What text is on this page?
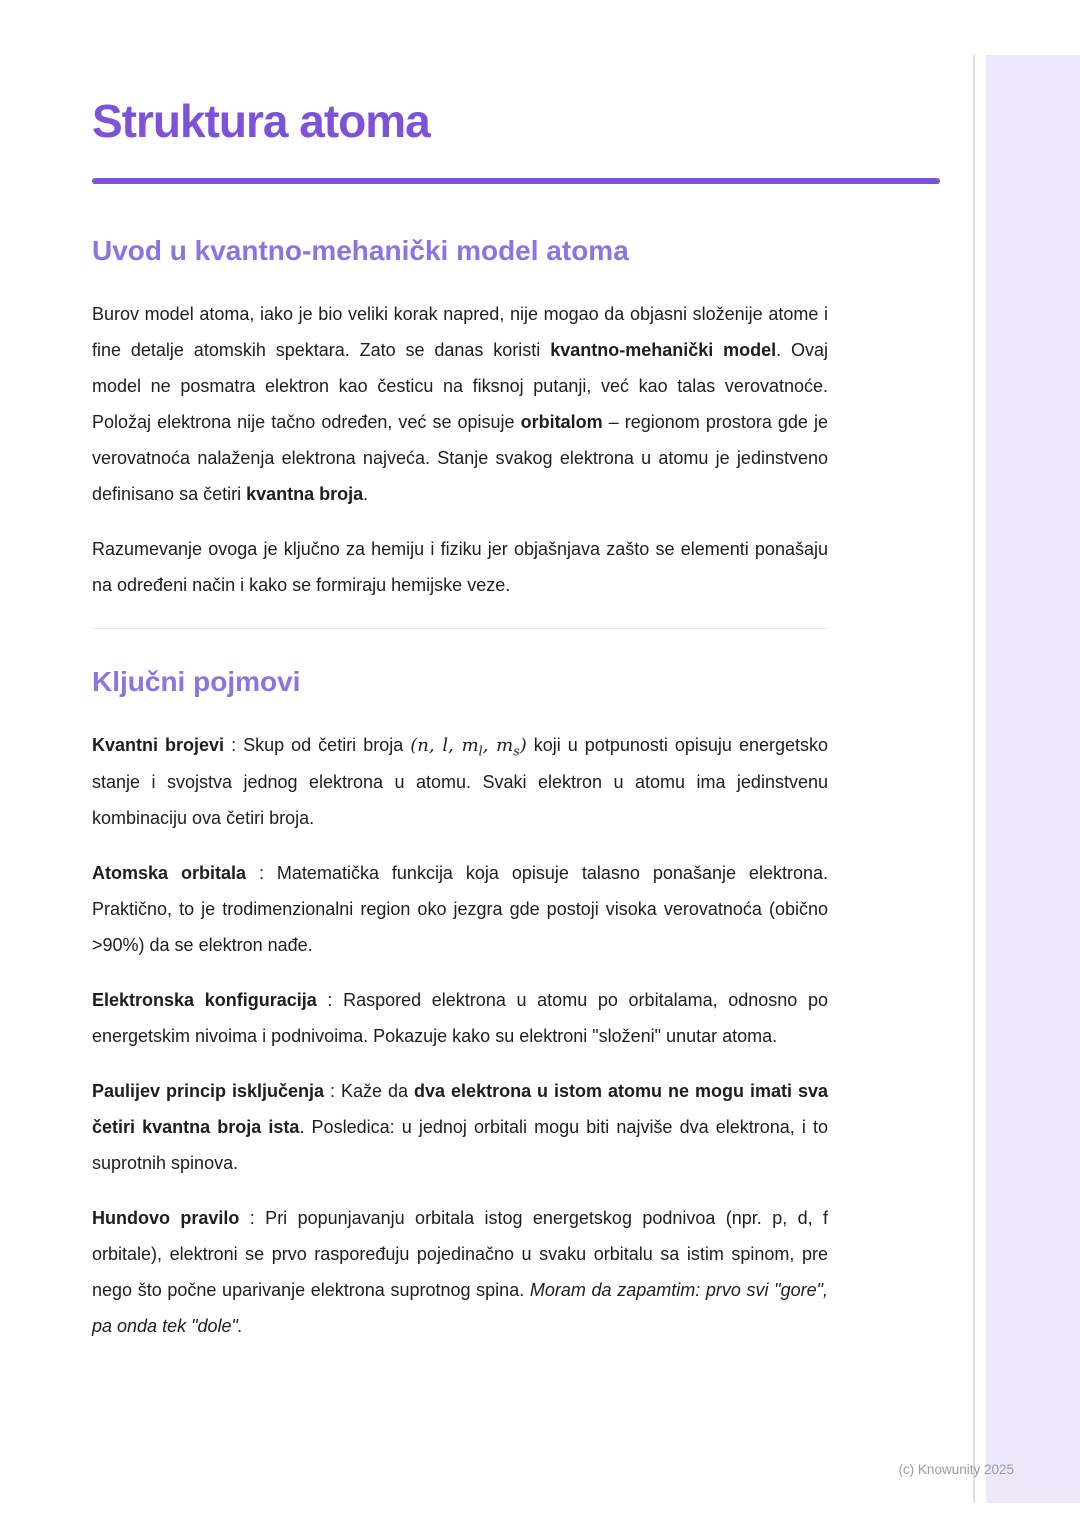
Struktura atoma
Uvod u kvantno-mehanički model atoma

Burov model atoma, iako je bio veliki korak napred, nije mogao da objasni složenije atome i fine detalje atomskih spektara. Zato se danas koristi kvantno-mehanički model. Ovaj model ne posmatra elektron kao česticu na fiksnoj putanji, već kao talas verovatnoće. Položaj elektrona nije tačno određen, već se opisuje orbitalom – regionom prostora gde je verovatnoća nalaženja elektrona najveća. Stanje svakog elektrona u atomu je jedinstveno definisano sa četiri kvantna broja.

Razumevanje ovoga je ključno za hemiju i fiziku jer objašnjava zašto se elementi ponašaju na određeni način i kako se formiraju hemijske veze.

Ključni pojmovi

Kvantni brojevi : Skup od četiri broja (n, l, $m_l$, $m_s$) koji u potpunosti opisuju energetsko stanje i svojstva jednog elektrona u atomu. Svaki elektron u atomu ima jedinstvenu kombinaciju ova četiri broja.

Atomska orbitala : Matematička funkcija koja opisuje talasno ponašanje elektrona. Praktično, to je trodimenzionalni region oko jezgra gde postoji visoka verovatnoća (obično >90%) da se elektron nađe.

Elektronska konfiguracija : Raspored elektrona u atomu po orbitalama, odnosno po energetskim nivoima i podnivoima. Pokazuje kako su elektroni "složeni" unutar atoma.

Paulijev princip isključenja : Kaže da dva elektrona u istom atomu ne mogu imati sva četiri kvantna broja ista. Posledica: u jednoj orbitali mogu biti najviše dva elektrona, i to suprotnih spinova.

Hundovo pravilo : Pri popunjavanju orbitala istog energetskog podnivoa (npr. p, d, f orbitale), elektroni se prvo raspoređuju pojedinačno u svaku orbitalu sa istim spinom, pre nego što počne uparivanje elektrona suprotnog spina. Moram da zapamtim: prvo svi "gore", pa onda tek "dole".

(c) Knowunity 2025
